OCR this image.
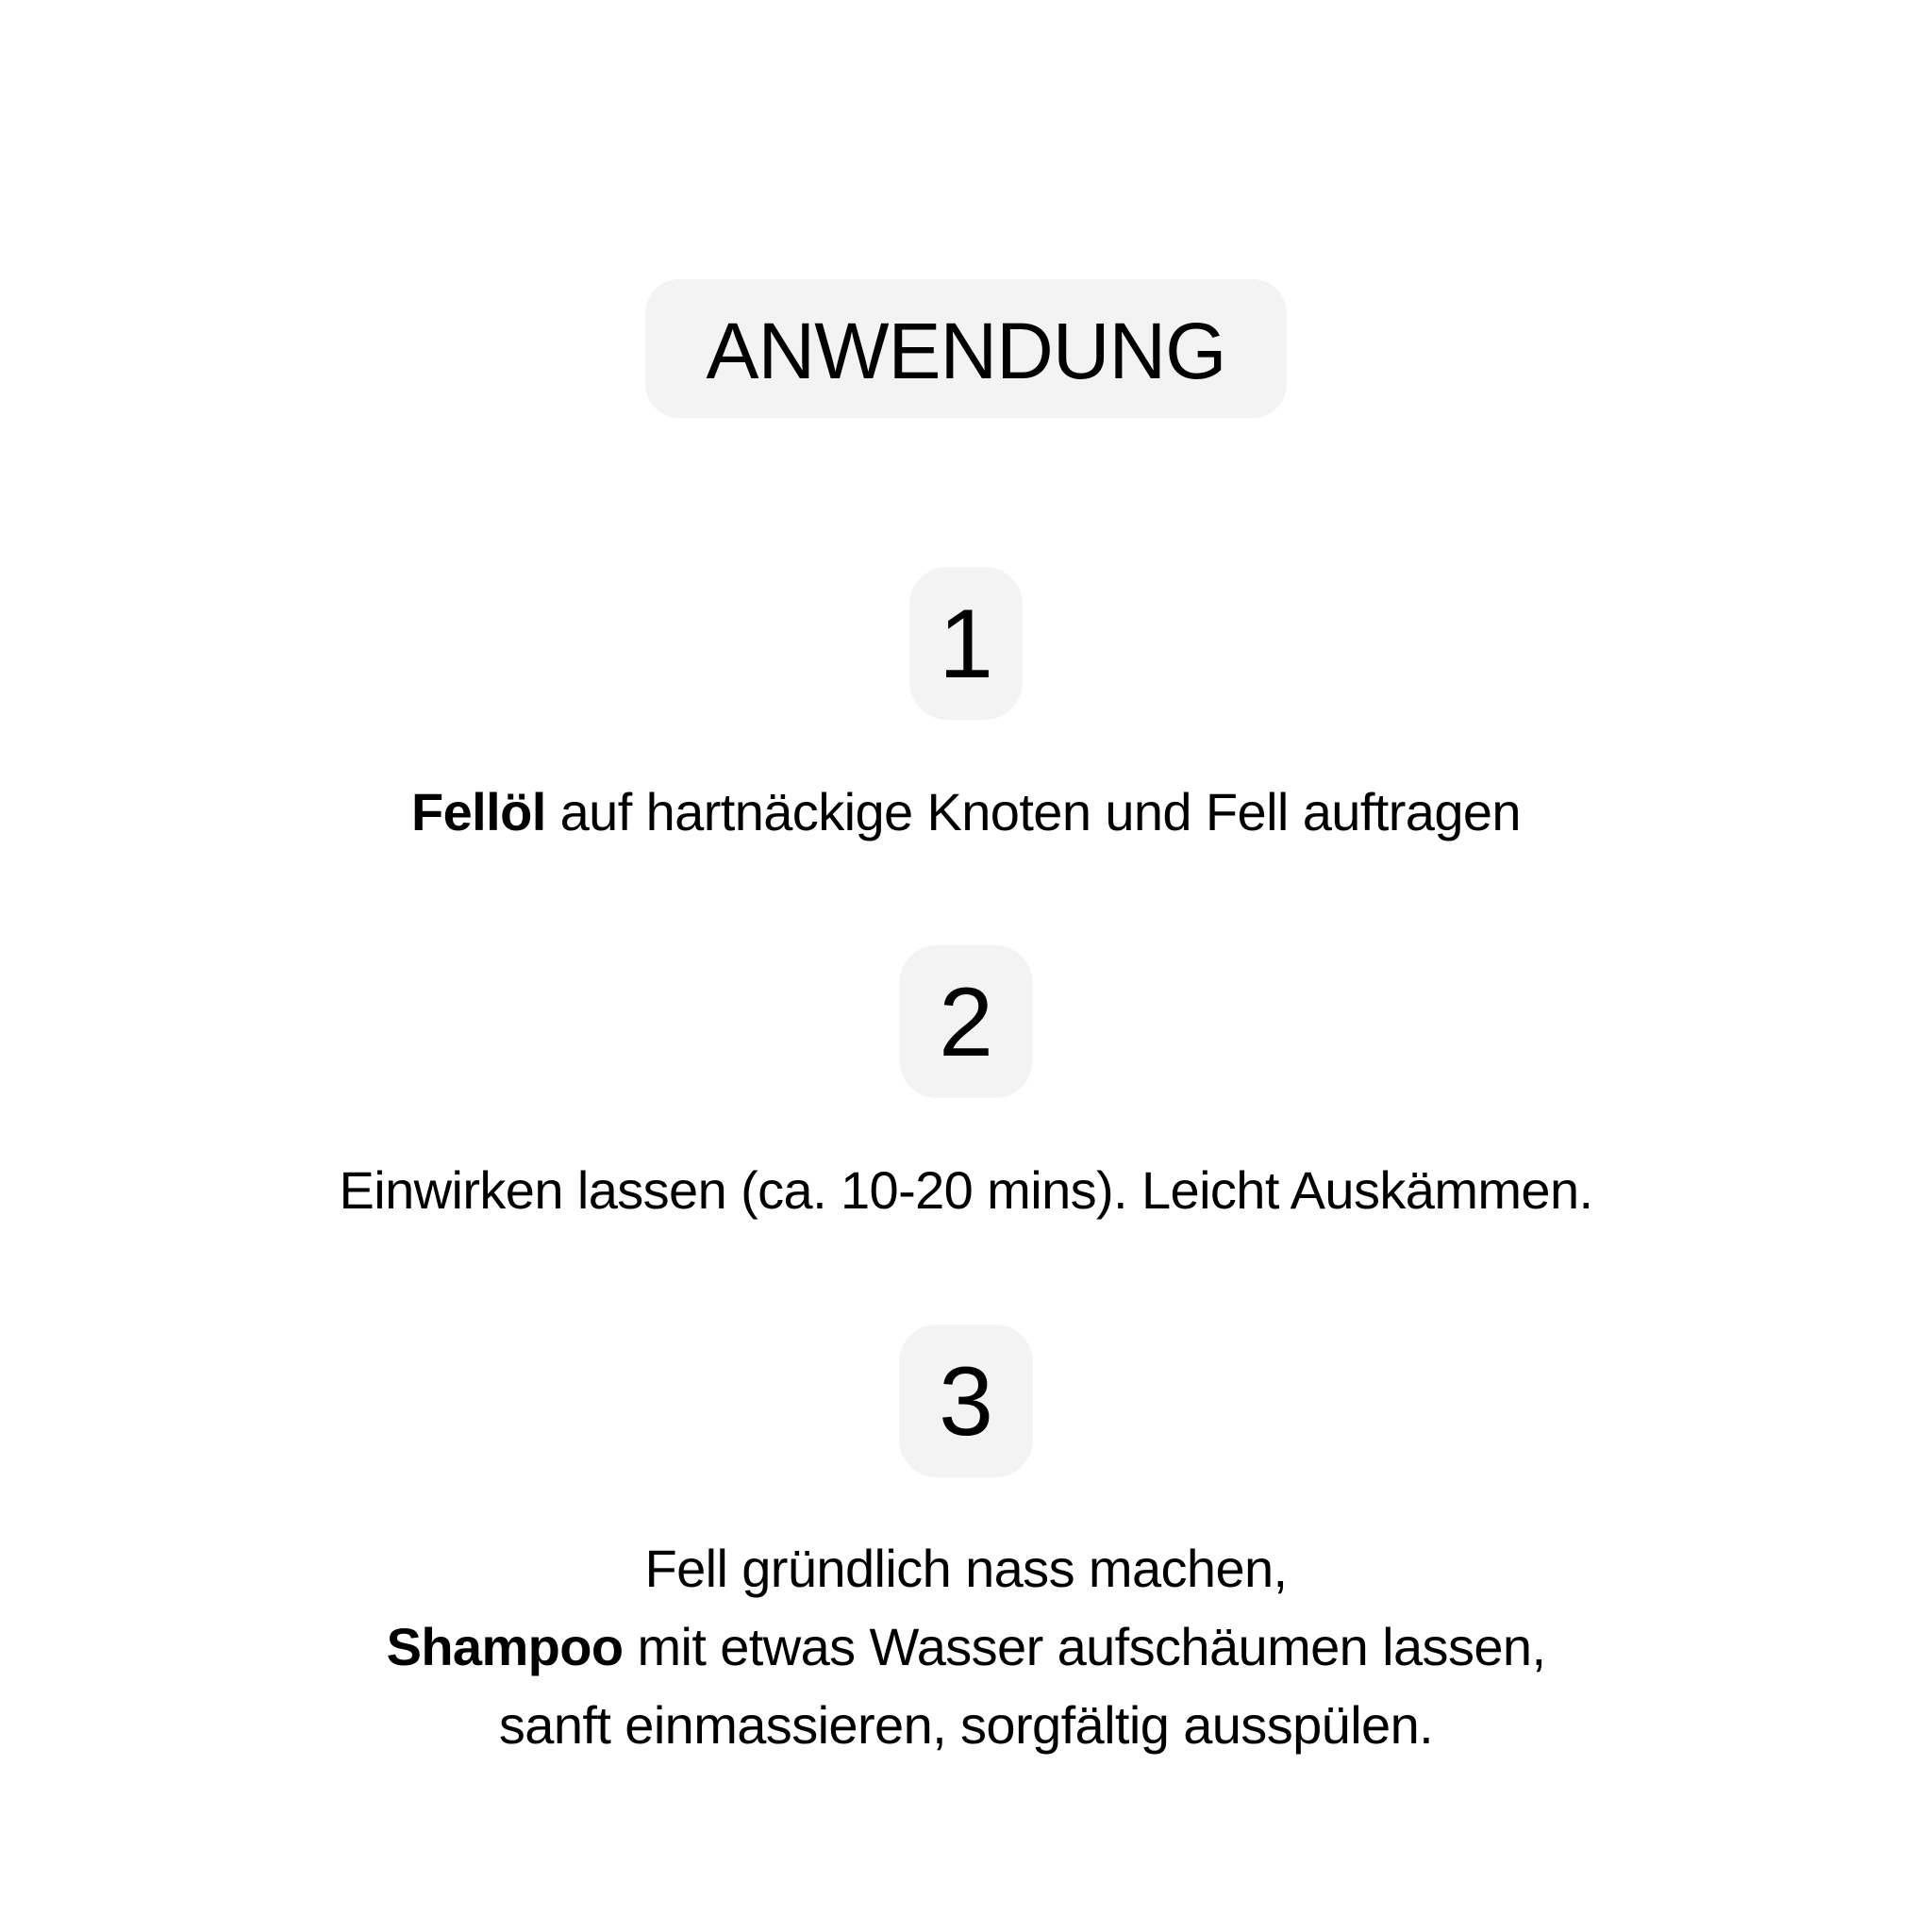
ANWENDUNG
1
Fellöl auf hartnäckige Knoten und Fell auftragen
2
Einwirken lassen (ca. 10-20 mins). Leicht Auskämmen.
3
Fell gründlich nass machen,
Shampoo mit etwas Wasser aufschäumen lassen, sanft einmassieren, sorgfältig ausspülen.
